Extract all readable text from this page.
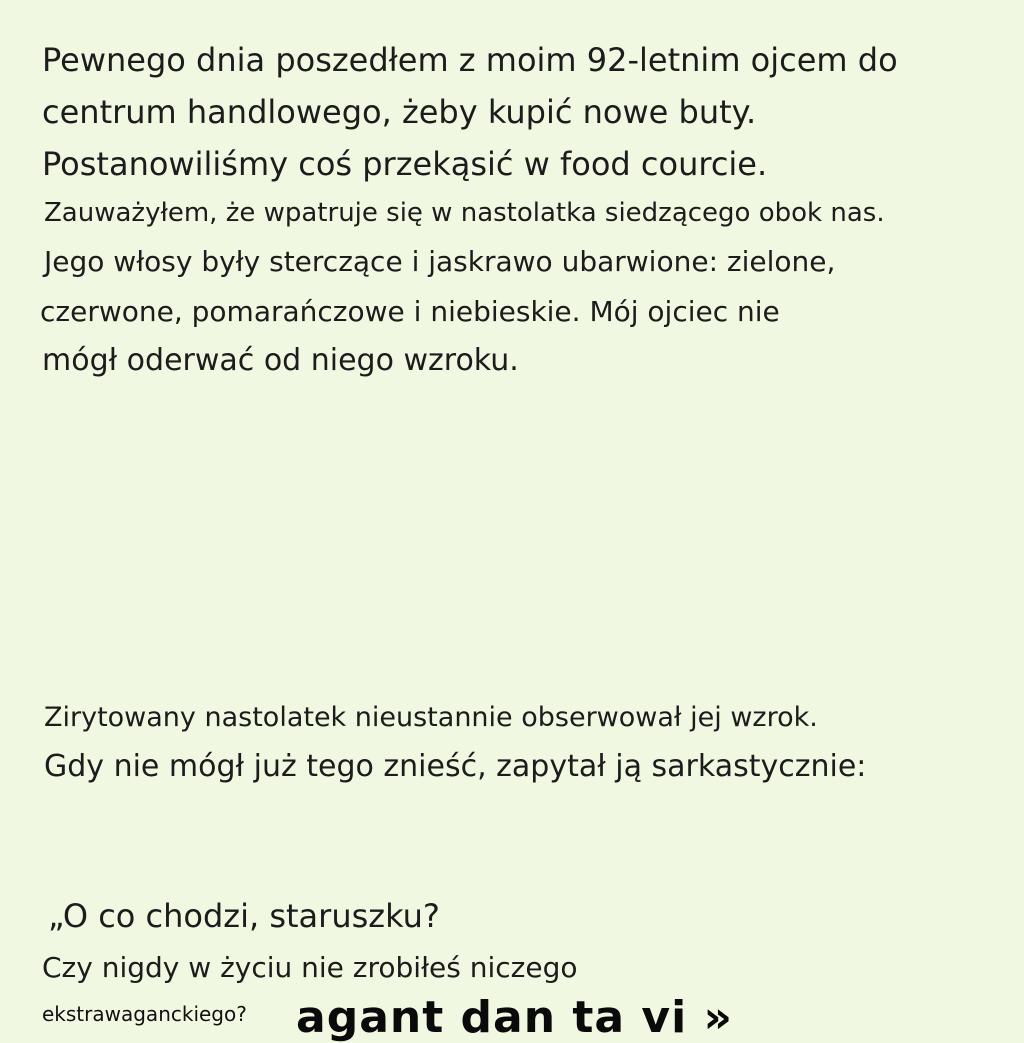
Pewnego dnia poszedłem z moim 92-letnim ojcem do
centrum handlowego, żeby kupić nowe buty.
Postanowiliśmy coś przekąsić w food courcie.
Zauważyłem, że wpatruje się w nastolatka siedzącego obok nas.
Jego włosy były sterczące i jaskrawo ubarwione: zielone,
czerwone, pomarańczowe i niebieskie. Mój ojciec nie
mógł oderwać od niego wzroku.
Zirytowany nastolatek nieustannie obserwował jej wzrok.
Gdy nie mógł już tego znieść, zapytał ją sarkastycznie:
„O co chodzi, staruszku?
Czy nigdy w życiu nie zrobiłeś niczego
ekstrawaganckiego? agant dan ta vi »
